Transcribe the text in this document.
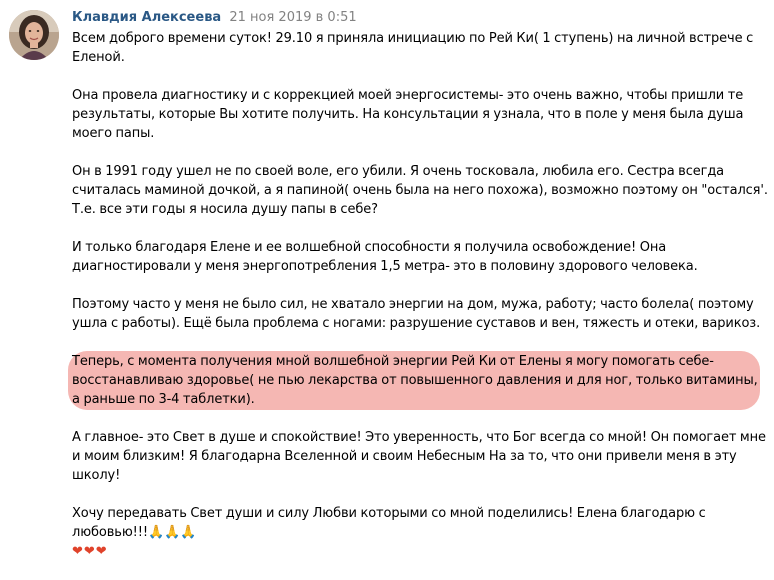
Клавдия Алексеева 21 ноя 2019 в 0:51

Всем доброго времени суток! 29.10 я приняла инициацию по Рей Ки( 1 ступень) на личной встрече с Еленой.

Она провела диагностику и с коррекцией моей энергосистемы- это очень важно, чтобы пришли те результаты, которые Вы хотите получить. На консультации я узнала, что в поле у меня была душа моего папы.

Он в 1991 году ушел не по своей воле, его убили. Я очень тосковала, любила его. Сестра всегда считалась маминой дочкой, а я папиной( очень была на него похожа), возможно поэтому он "остался'. Т.е. все эти годы я носила душу папы в себе?

И только благодаря Елене и ее волшебной способности я получила освобождение! Она диагностировали у меня энергопотребления 1,5 метра- это в половину здорового человека.

Поэтому часто у меня не было сил, не хватало энергии на дом, мужа, работу; часто болела( поэтому ушла с работы). Ещё была проблема с ногами: разрушение суставов и вен, тяжесть и отеки, варикоз.

Теперь, с момента получения мной волшебной энергии Рей Ки от Елены я могу помогать себе- восстанавливаю здоровье( не пью лекарства от повышенного давления и для ног, только витамины, а раньше по 3-4 таблетки).

А главное- это Свет в душе и спокойствие! Это уверенность, что Бог всегда со мной! Он помогает мне и моим близким! Я благодарна Вселенной и своим Небесным На за то, что они привели меня в эту школу!

Хочу передавать Свет души и силу Любви которыми со мной поделились! Елена благодарю с любовью!!!🙏🙏🙏
❤❤❤
